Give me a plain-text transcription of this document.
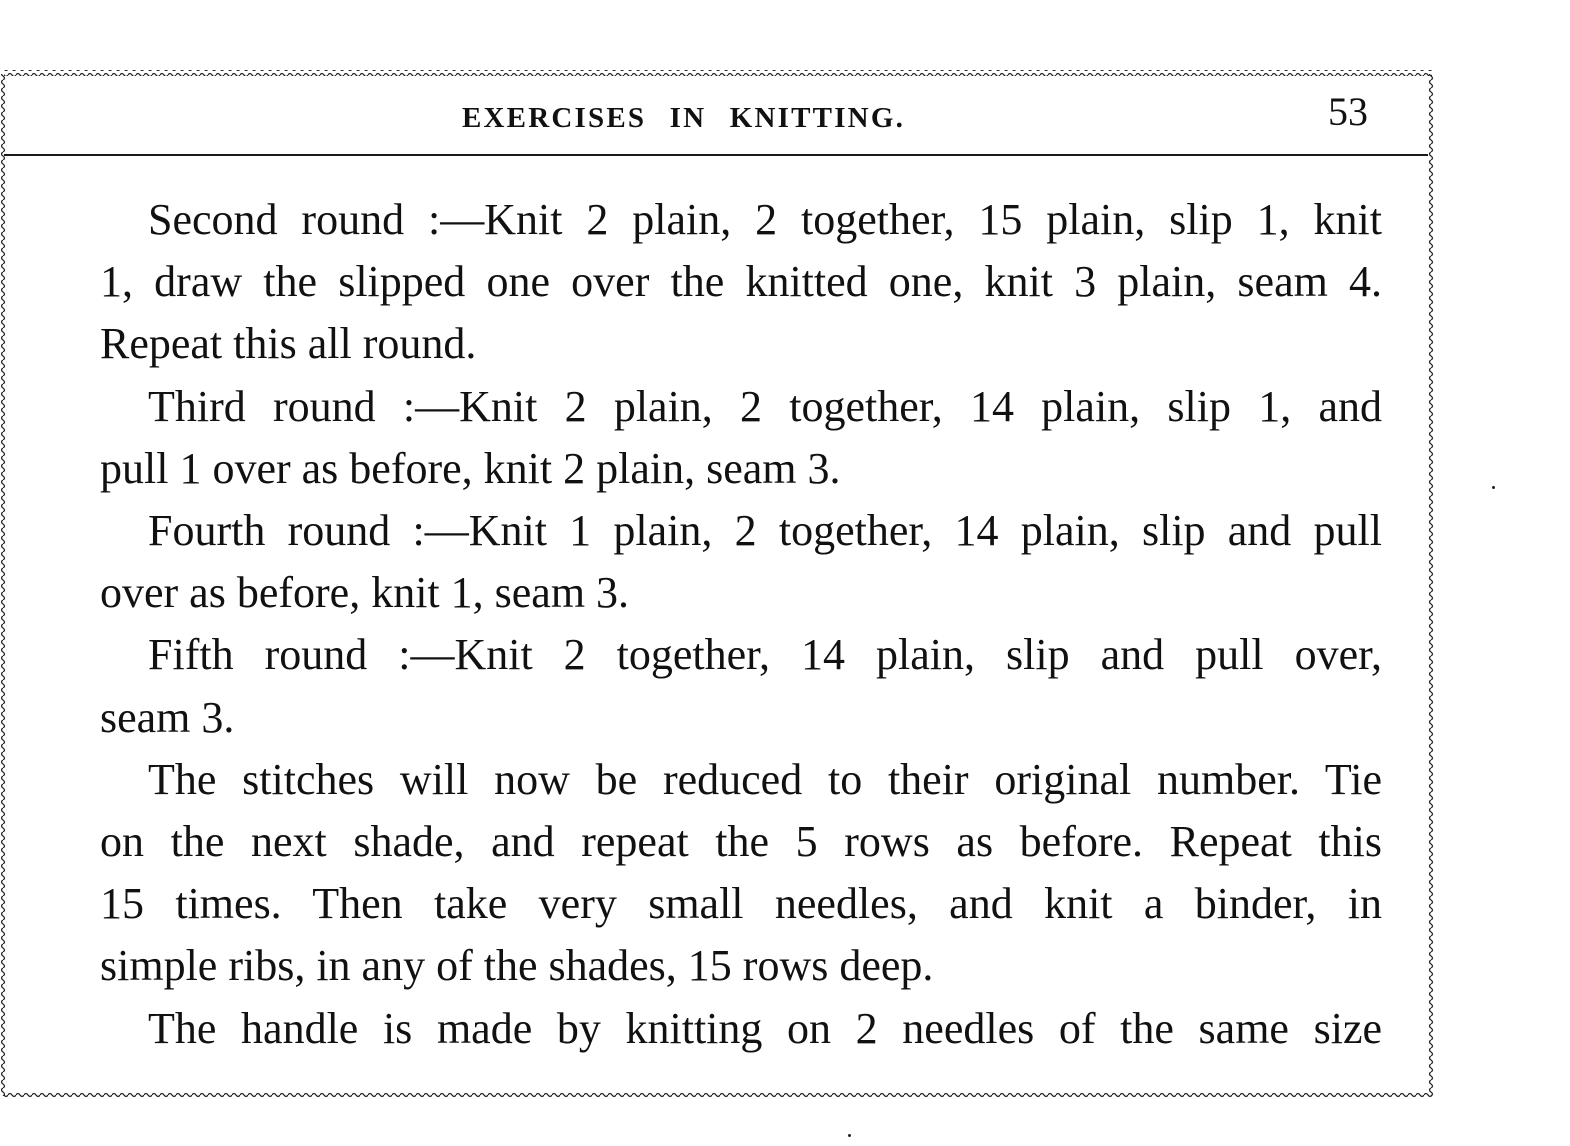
EXERCISES IN KNITTING.	53

Second round :—Knit 2 plain, 2 together, 15 plain, slip 1, knit
1, draw the slipped one over the knitted one, knit 3 plain, seam 4.
Repeat this all round.

Third round :—Knit 2 plain, 2 together, 14 plain, slip 1, and
pull 1 over as before, knit 2 plain, seam 3.

Fourth round :—Knit 1 plain, 2 together, 14 plain, slip and pull
over as before, knit 1, seam 3.

Fifth round :—Knit 2 together, 14 plain, slip and pull over,
seam 3.

The stitches will now be reduced to their original number. Tie
on the next shade, and repeat the 5 rows as before. Repeat this
15 times. Then take very small needles, and knit a binder, in
simple ribs, in any of the shades, 15 rows deep.

The handle is made by knitting on 2 needles of the same size
